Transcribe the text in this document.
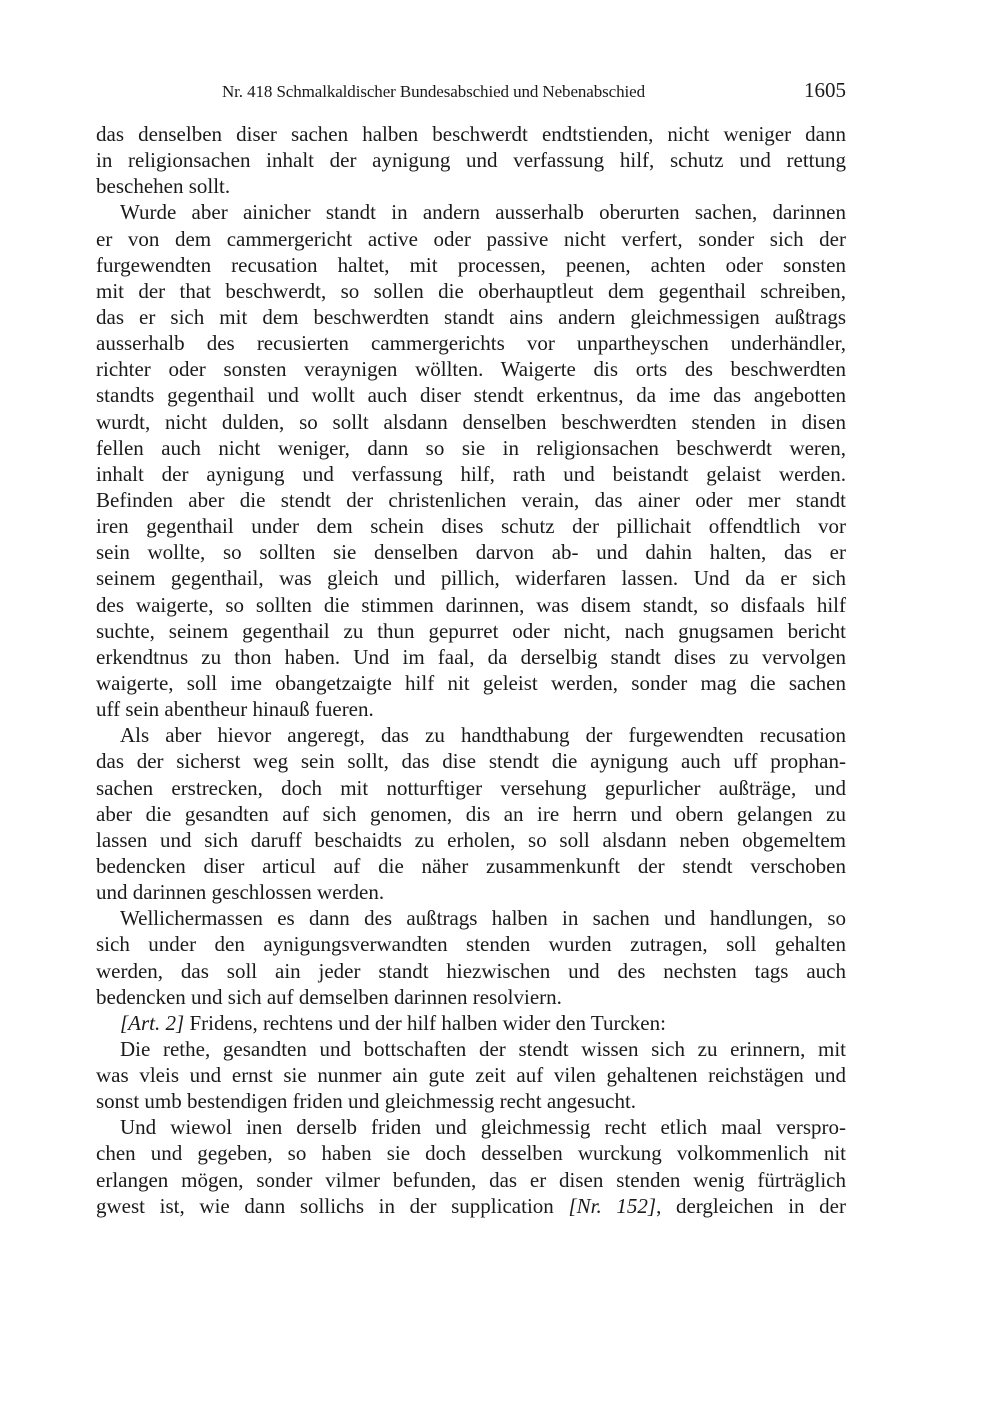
Nr. 418 Schmalkaldischer Bundesabschied und Nebenabschied	1605
das denselben diser sachen halben beschwerdt endtstienden, nicht weniger dann
in religionsachen inhalt der aynigung und verfassung hilf, schutz und rettung
beschehen sollt.
Wurde aber ainicher standt in andern ausserhalb oberurten sachen, darinnen
er von dem cammergericht active oder passive nicht verfert, sonder sich der
furgewendten recusation haltet, mit processen, peenen, achten oder sonsten
mit der that beschwerdt, so sollen die oberhauptleut dem gegenthail schreiben,
das er sich mit dem beschwerdten standt ains andern gleichmessigen außtrags
ausserhalb des recusierten cammergerichts vor unpartheyschen underhändler,
richter oder sonsten veraynigen wöllten. Waigerte dis orts des beschwerdten
standts gegenthail und wollt auch diser stendt erkentnus, da ime das angebotten
wurdt, nicht dulden, so sollt alsdann denselben beschwerdten stenden in disen
fellen auch nicht weniger, dann so sie in religionsachen beschwerdt weren,
inhalt der aynigung und verfassung hilf, rath und beistandt gelaist werden.
Befinden aber die stendt der christenlichen verain, das ainer oder mer standt
iren gegenthail under dem schein dises schutz der pillichait offendtlich vor
sein wollte, so sollten sie denselben darvon ab- und dahin halten, das er
seinem gegenthail, was gleich und pillich, widerfaren lassen. Und da er sich
des waigerte, so sollten die stimmen darinnen, was disem standt, so disfaals hilf
suchte, seinem gegenthail zu thun gepurret oder nicht, nach gnugsamen bericht
erkendtnus zu thon haben. Und im faal, da derselbig standt dises zu vervolgen
waigerte, soll ime obangetzaigte hilf nit geleist werden, sonder mag die sachen
uff sein abentheur hinauß fueren.
Als aber hievor angeregt, das zu handthabung der furgewendten recusation
das der sicherst weg sein sollt, das dise stendt die aynigung auch uff prophan-
sachen erstrecken, doch mit notturftiger versehung gepurlicher außträge, und
aber die gesandten auf sich genomen, dis an ire herrn und obern gelangen zu
lassen und sich daruff beschaidts zu erholen, so soll alsdann neben obgemeltem
bedencken diser articul auf die näher zusammenkunft der stendt verschoben
und darinnen geschlossen werden.
Wellichermassen es dann des außtrags halben in sachen und handlungen, so
sich under den aynigungsverwandten stenden wurden zutragen, soll gehalten
werden, das soll ain jeder standt hiezwischen und des nechsten tags auch
bedencken und sich auf demselben darinnen resolviern.
[Art. 2] Fridens, rechtens und der hilf halben wider den Turcken:
Die rethe, gesandten und bottschaften der stendt wissen sich zu erinnern, mit
was vleis und ernst sie nunmer ain gute zeit auf vilen gehaltenen reichstägen und
sonst umb bestendigen friden und gleichmessig recht angesucht.
Und wiewol inen derselb friden und gleichmessig recht etlich maal verspro-
chen und gegeben, so haben sie doch desselben wurckung volkommenlich nit
erlangen mögen, sonder vilmer befunden, das er disen stenden wenig fürträglich
gwest ist, wie dann sollichs in der supplication [Nr. 152], dergleichen in der
